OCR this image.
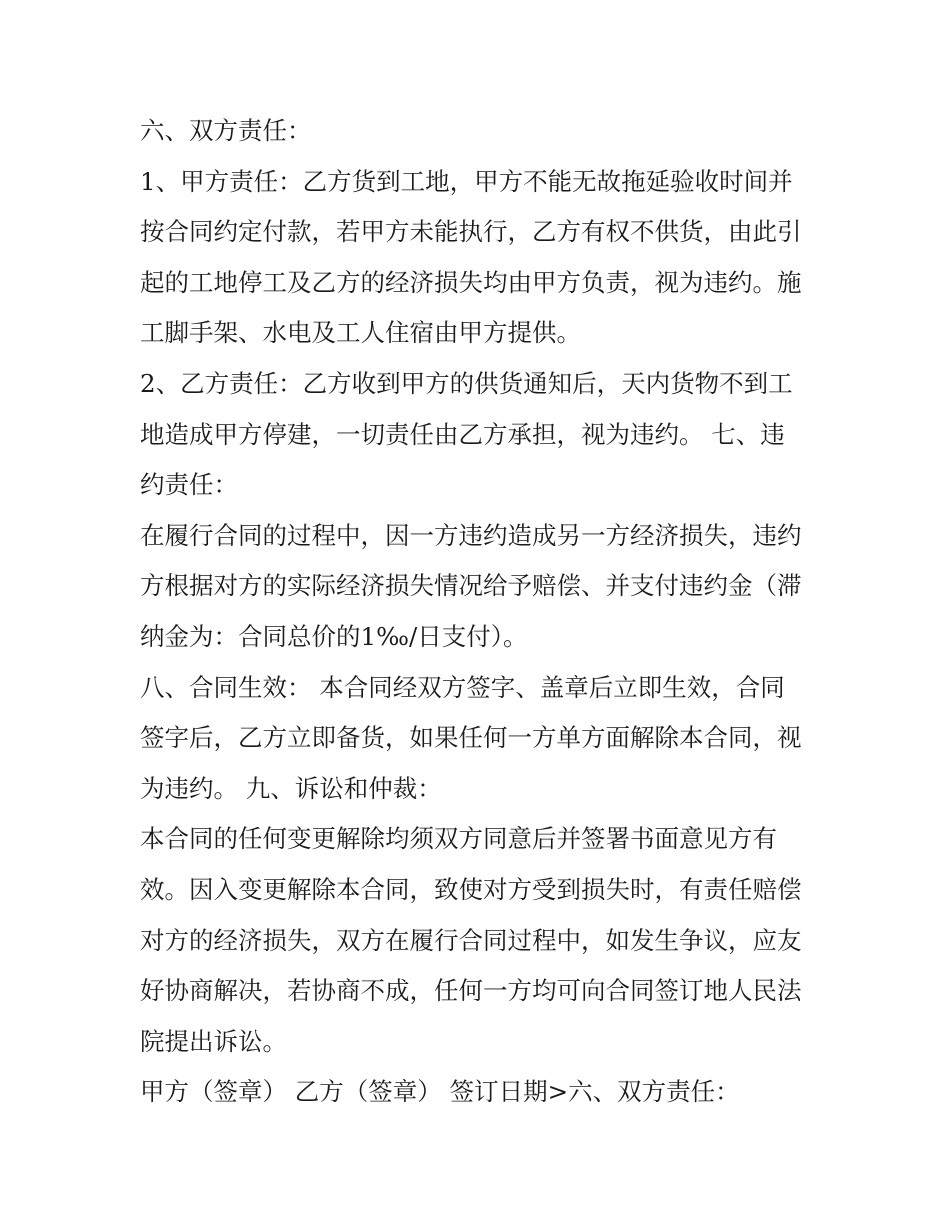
六、双方责任：
1、甲方责任：乙方货到工地，甲方不能无故拖延验收时间并
按合同约定付款，若甲方未能执行，乙方有权不供货，由此引
起的工地停工及乙方的经济损失均由甲方负责，视为违约。施
工脚手架、水电及工人住宿由甲方提供。
2、乙方责任：乙方收到甲方的供货通知后，天内货物不到工
地造成甲方停建，一切责任由乙方承担，视为违约。 七、违
约责任：
在履行合同的过程中，因一方违约造成另一方经济损失，违约
方根据对方的实际经济损失情况给予赔偿、并支付违约金（滞
纳金为：合同总价的1‰/日支付）。
八、合同生效： 本合同经双方签字、盖章后立即生效，合同
签字后，乙方立即备货，如果任何一方单方面解除本合同，视
为违约。 九、诉讼和仲裁：
本合同的任何变更解除均须双方同意后并签署书面意见方有
效。因入变更解除本合同，致使对方受到损失时，有责任赔偿
对方的经济损失，双方在履行合同过程中，如发生争议，应友
好协商解决，若协商不成，任何一方均可向合同签订地人民法
院提出诉讼。
甲方（签章） 乙方（签章） 签订日期>六、双方责任：
